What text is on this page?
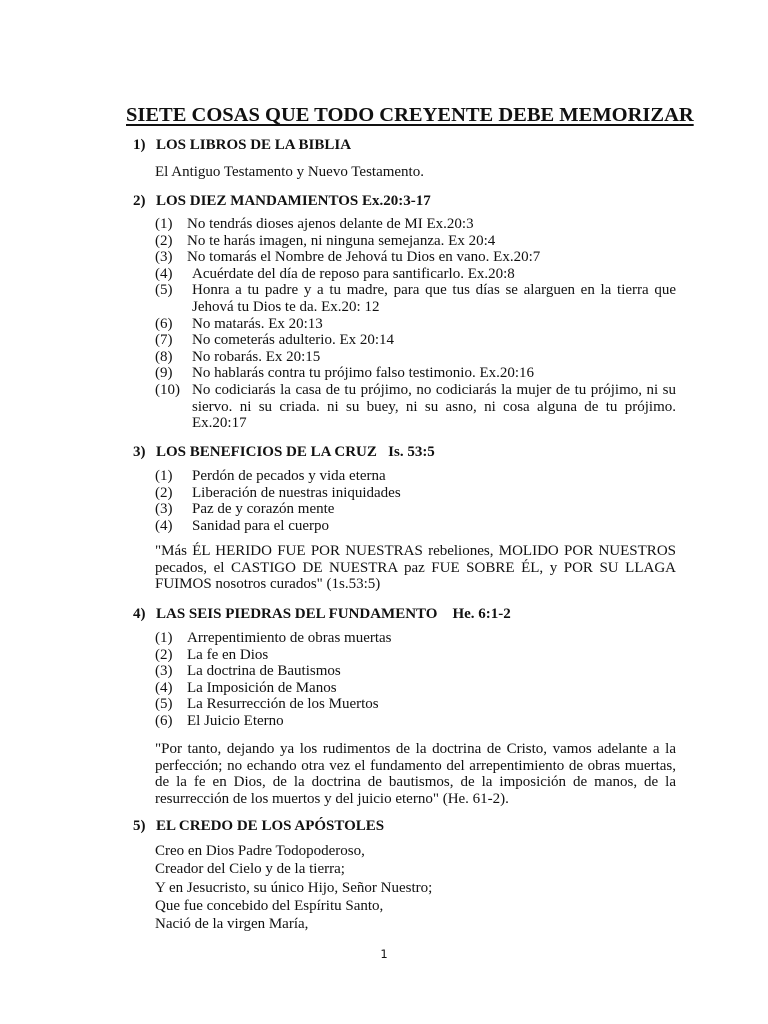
SIETE COSAS QUE TODO CREYENTE DEBE MEMORIZAR
1) LOS LIBROS DE LA BIBLIA
El Antiguo Testamento y Nuevo Testamento.
2) LOS DIEZ MANDAMIENTOS Ex.20:3-17
(1) No tendrás dioses ajenos delante de MI Ex.20:3
(2) No te harás imagen, ni ninguna semejanza. Ex 20:4
(3) No tomarás el Nombre de Jehová tu Dios en vano. Ex.20:7
(4)	Acuérdate del día de reposo para santificarlo. Ex.20:8
(5)	Honra a tu padre y a tu madre, para que tus días se alarguen en la tierra que Jehová tu Dios te da. Ex.20: 12
(6)	No matarás. Ex 20:13
(7)	No cometerás adulterio. Ex 20:14
(8)	No robarás. Ex 20:15
(9)	No hablarás contra tu prójimo falso testimonio. Ex.20:16
(10) No codiciarás la casa de tu prójimo, no codiciarás la mujer de tu prójimo, ni su siervo. ni su criada. ni su buey, ni su asno, ni cosa alguna de tu prójimo. Ex.20:17
3) LOS BENEFICIOS DE LA CRUZ   Is. 53:5
(1)	Perdón de pecados y vida eterna
(2)	Liberación de nuestras iniquidades
(3)	Paz de y corazón mente
(4)	Sanidad para el cuerpo
"Más ÉL HERIDO FUE POR NUESTRAS rebeliones, MOLIDO POR NUESTROS pecados, el CASTIGO DE NUESTRA paz FUE SOBRE ÉL, y POR SU LLAGA FUIMOS nosotros curados" (1s.53:5)
4) LAS SEIS PIEDRAS DEL FUNDAMENTO    He. 6:1-2
(1) Arrepentimiento de obras muertas
(2) La fe en Dios
(3) La doctrina de Bautismos
(4) La Imposición de Manos
(5) La Resurrección de los Muertos
(6) El Juicio Eterno
"Por tanto, dejando ya los rudimentos de la doctrina de Cristo, vamos adelante a la perfección; no echando otra vez el fundamento del arrepentimiento de obras muertas, de la fe en Dios, de la doctrina de bautismos, de la imposición de manos, de la resurrección de los muertos y del juicio eterno" (He. 61-2).
5) EL CREDO DE LOS APÓSTOLES
Creo en Dios Padre Todopoderoso,
Creador del Cielo y de la tierra;
Y en Jesucristo, su único Hijo, Señor Nuestro;
Que fue concebido del Espíritu Santo,
Nació de la virgen María,
1
